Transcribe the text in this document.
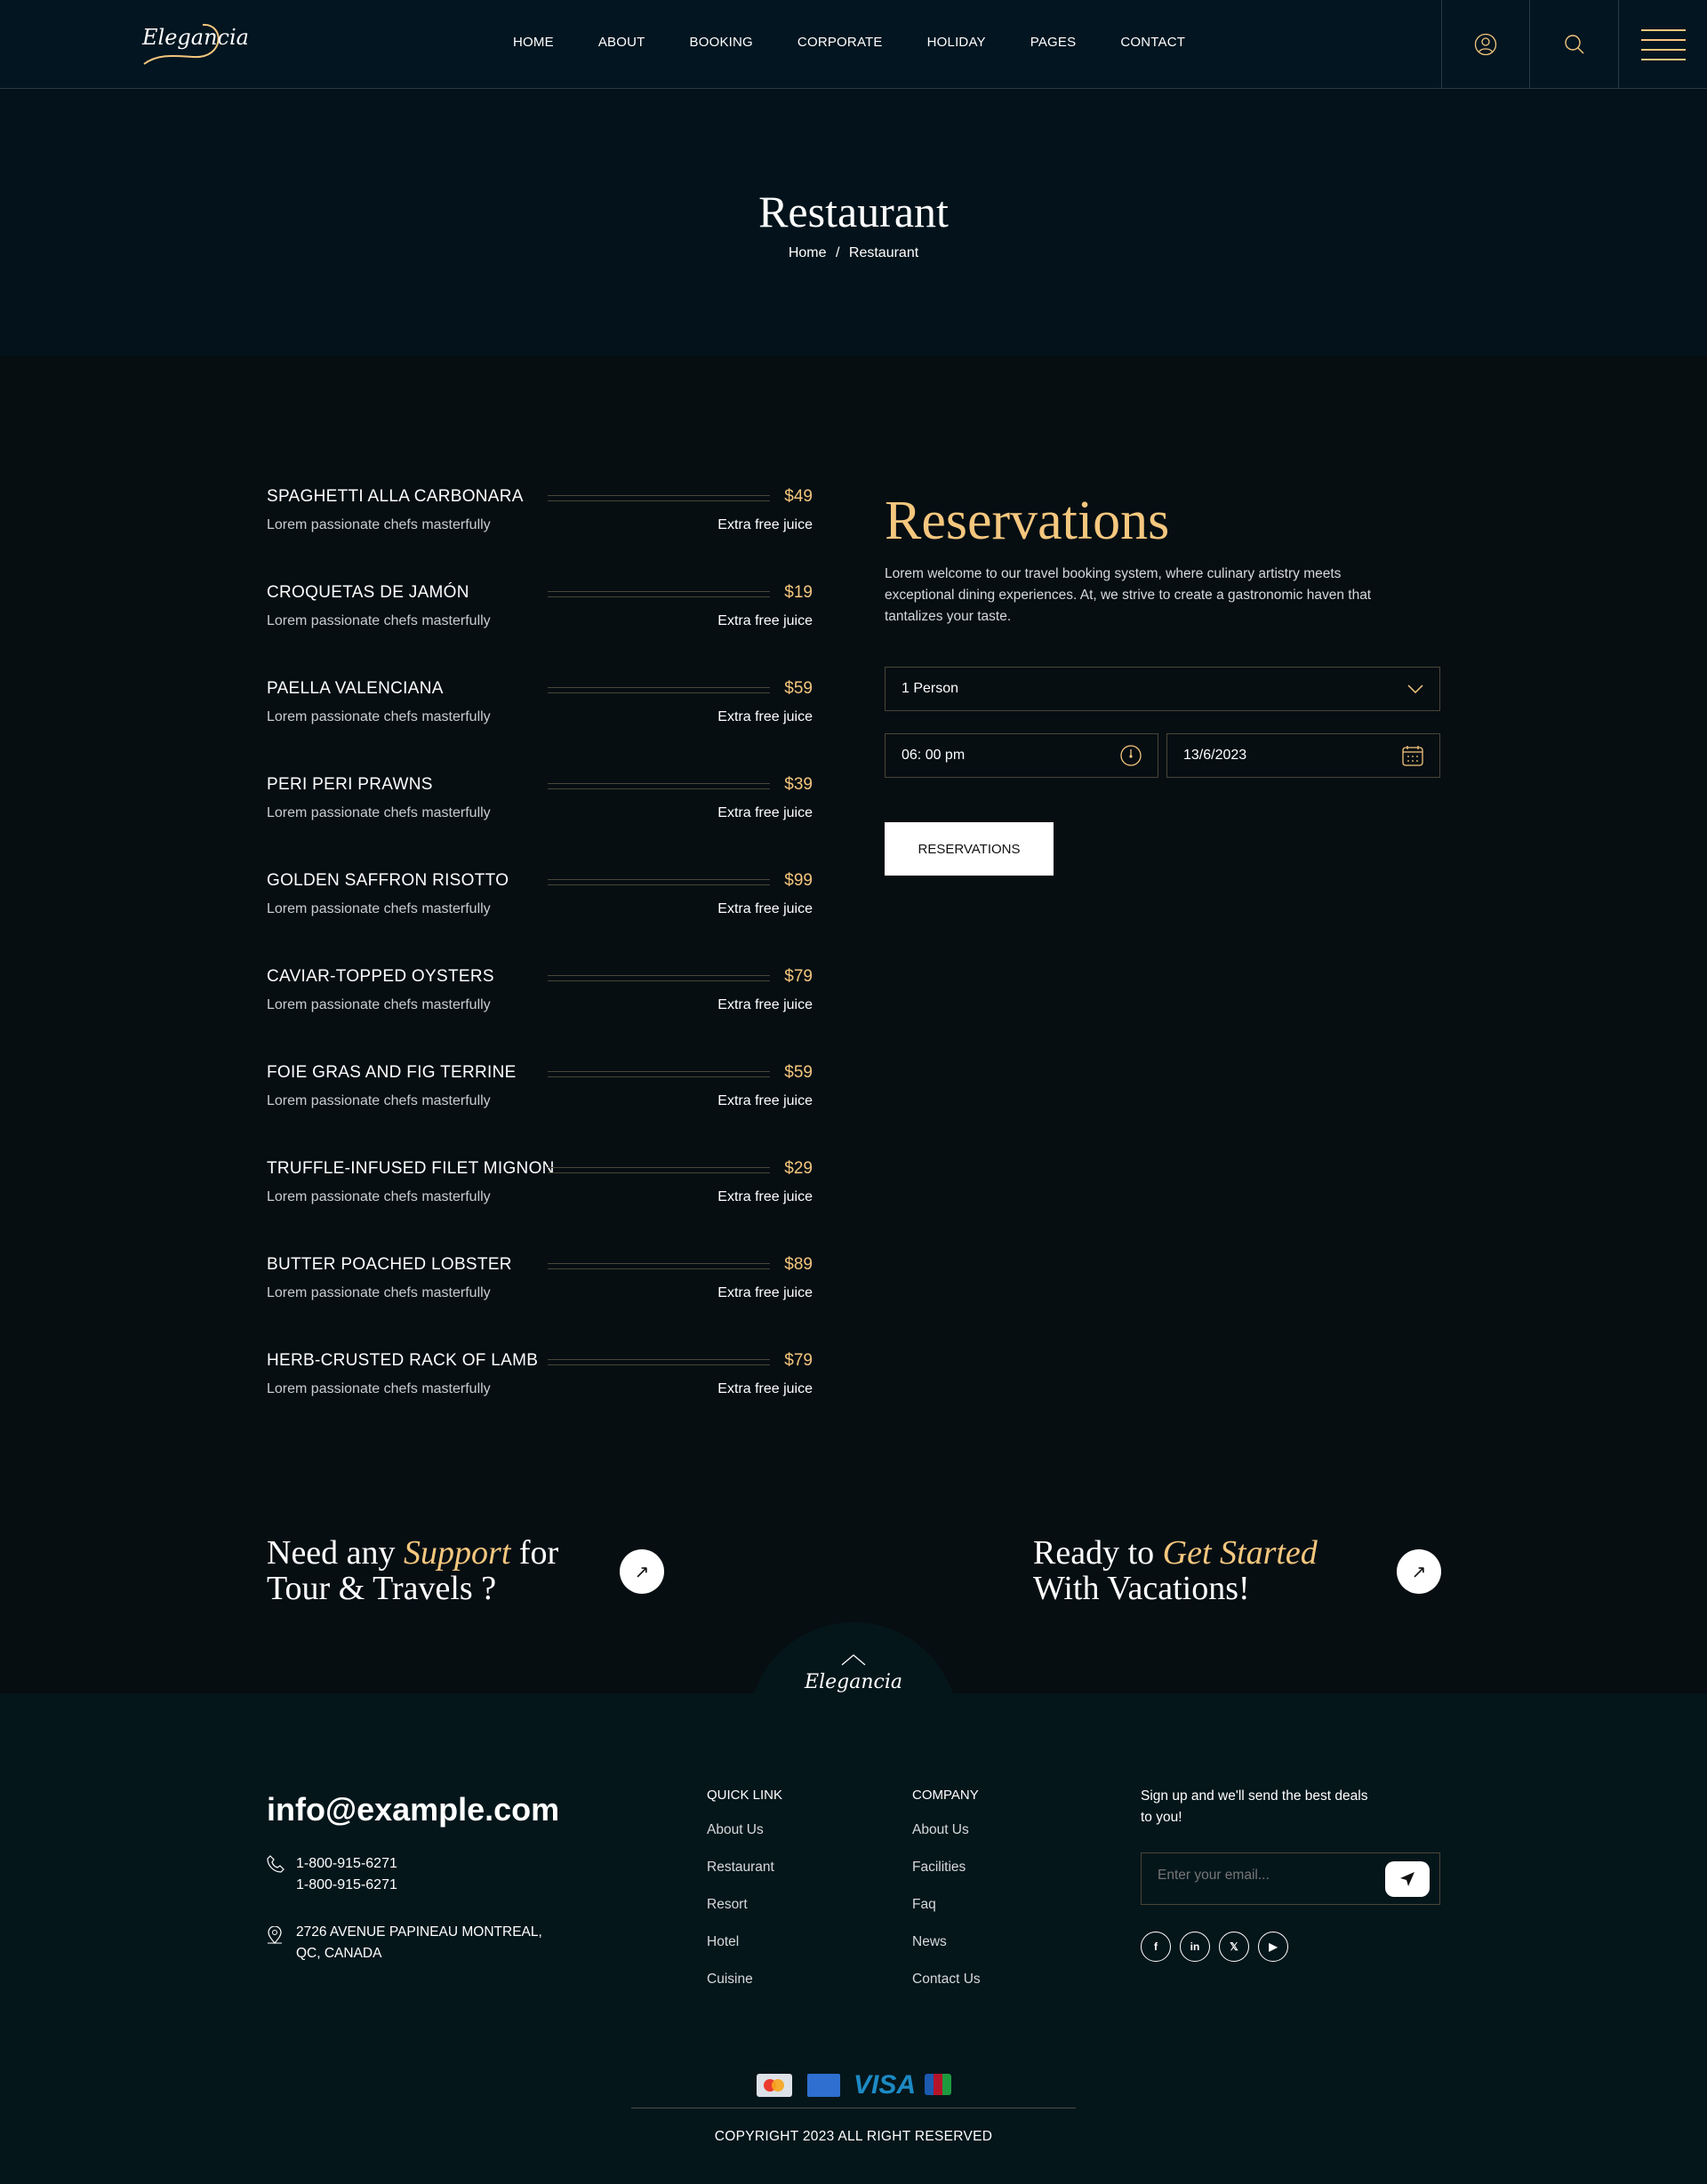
Elegancia	HOME	ABOUT	BOOKING	CORPORATE	HOLIDAY	PAGES	CONTACT
Restaurant
Home / Restaurant
SPAGHETTI ALLA CARBONARA	$49
Lorem passionate chefs masterfully	Extra free juice
CROQUETAS DE JAMÓN	$19
Lorem passionate chefs masterfully	Extra free juice
PAELLA VALENCIANA	$59
Lorem passionate chefs masterfully	Extra free juice
PERI PERI PRAWNS	$39
Lorem passionate chefs masterfully	Extra free juice
GOLDEN SAFFRON RISOTTO	$99
Lorem passionate chefs masterfully	Extra free juice
CAVIAR-TOPPED OYSTERS	$79
Lorem passionate chefs masterfully	Extra free juice
FOIE GRAS AND FIG TERRINE	$59
Lorem passionate chefs masterfully	Extra free juice
TRUFFLE-INFUSED FILET MIGNON	$29
Lorem passionate chefs masterfully	Extra free juice
BUTTER POACHED LOBSTER	$89
Lorem passionate chefs masterfully	Extra free juice
HERB-CRUSTED RACK OF LAMB	$79
Lorem passionate chefs masterfully	Extra free juice
Reservations

Lorem welcome to our travel booking system, where culinary artistry meets exceptional dining experiences. At, we strive to create a gastronomic haven that tantalizes your taste.

1 Person
06: 00 pm	13/6/2023
RESERVATIONS
Need any Support for
Tour & Travels ?	↗
Ready to Get Started
With Vacations!	↗
Elegancia
info@example.com
1-800-915-6271
1-800-915-6271
2726 AVENUE PAPINEAU MONTREAL,
QC, CANADA
QUICK LINK
About Us
Restaurant
Resort
Hotel
Cuisine
COMPANY
About Us
Facilities
Faq
News
Contact Us
Sign up and we'll send the best deals to you!
Enter your email...
f	in	𝕏	▶
VISA
COPYRIGHT 2023 ALL RIGHT RESERVED
